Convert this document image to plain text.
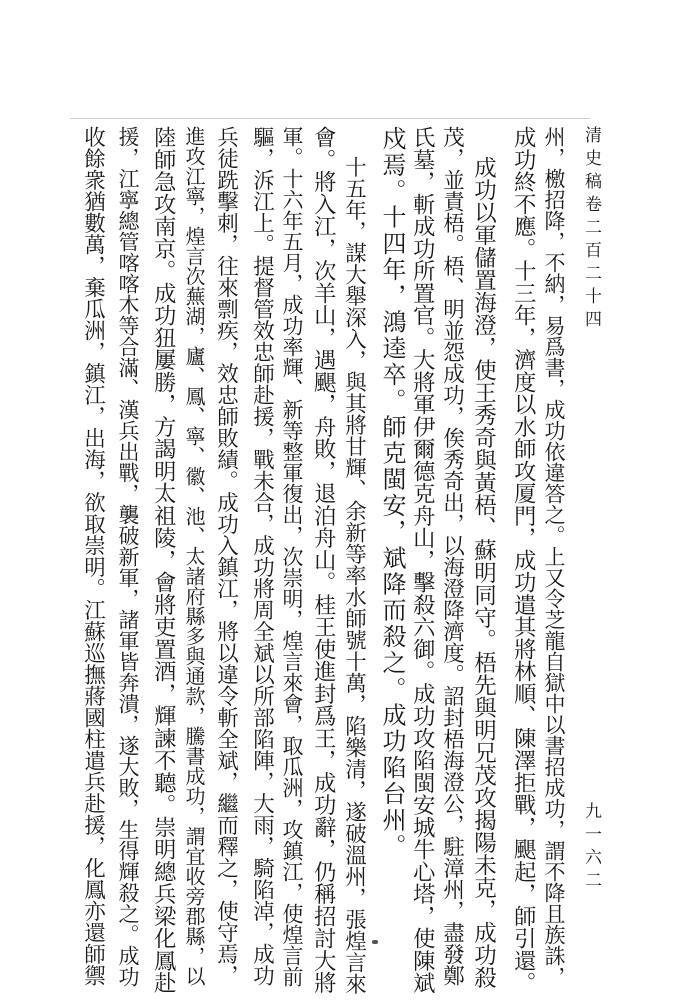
清史稿卷二百二十四
九一六二
州，檄招降，不納，易爲書，成功依違答之。上又令芝龍自獄中以書招成功，謂不降且族誅，
成功終不應。十三年，濟度以水師攻厦門，成功遣其將林順、陳澤拒戰，颶起，師引還。
成功以軍儲置海澄，使王秀奇與黃梧、蘇明同守。梧先與明兄茂攻揭陽未克，成功殺
茂，並責梧。梧、明並怨成功，俟秀奇出，以海澄降濟度。詔封梧海澄公，駐漳州，盡發鄭
氏墓，斬成功所置官。大將軍伊爾德克舟山，擊殺六御。成功攻陷閩安城牛心塔，使陳斌
戍焉。十四年，鴻逵卒。師克閩安，斌降而殺之。成功陷台州。
十五年，謀大舉深入，與其將甘輝、余新等率水師號十萬，陷樂清，遂破溫州，張煌言來
會。將入江，次羊山，遇颶，舟敗，退泊舟山。桂王使進封爲王，成功辭，仍稱招討大將
軍。十六年五月，成功率輝、新等整軍復出，次崇明，煌言來會，取瓜洲，攻鎮江，使煌言前
驅，泝江上。提督管效忠師赴援，戰未合，成功將周全斌以所部陷陣，大雨，騎陷淖，成功
兵徒跣擊刺，往來剽疾，效忠師敗績。成功入鎮江，將以違令斬全斌，繼而釋之，使守焉，
進攻江寧，煌言次蕪湖，廬、鳳、寧、徽、池、太諸府縣多與通款，騰書成功，謂宜收旁郡縣，以
陸師急攻南京。成功狃屢勝，方謁明太祖陵，會將吏置酒，輝諫不聽。崇明總兵梁化鳳赴
援，江寧總管喀喀木等合滿、漢兵出戰，襲破新軍，諸軍皆奔潰，遂大敗，生得輝殺之。成功
收餘衆猶數萬，棄瓜洲，鎮江，出海，欲取崇明。江蘇巡撫蔣國柱遣兵赴援，化鳳亦還師禦
